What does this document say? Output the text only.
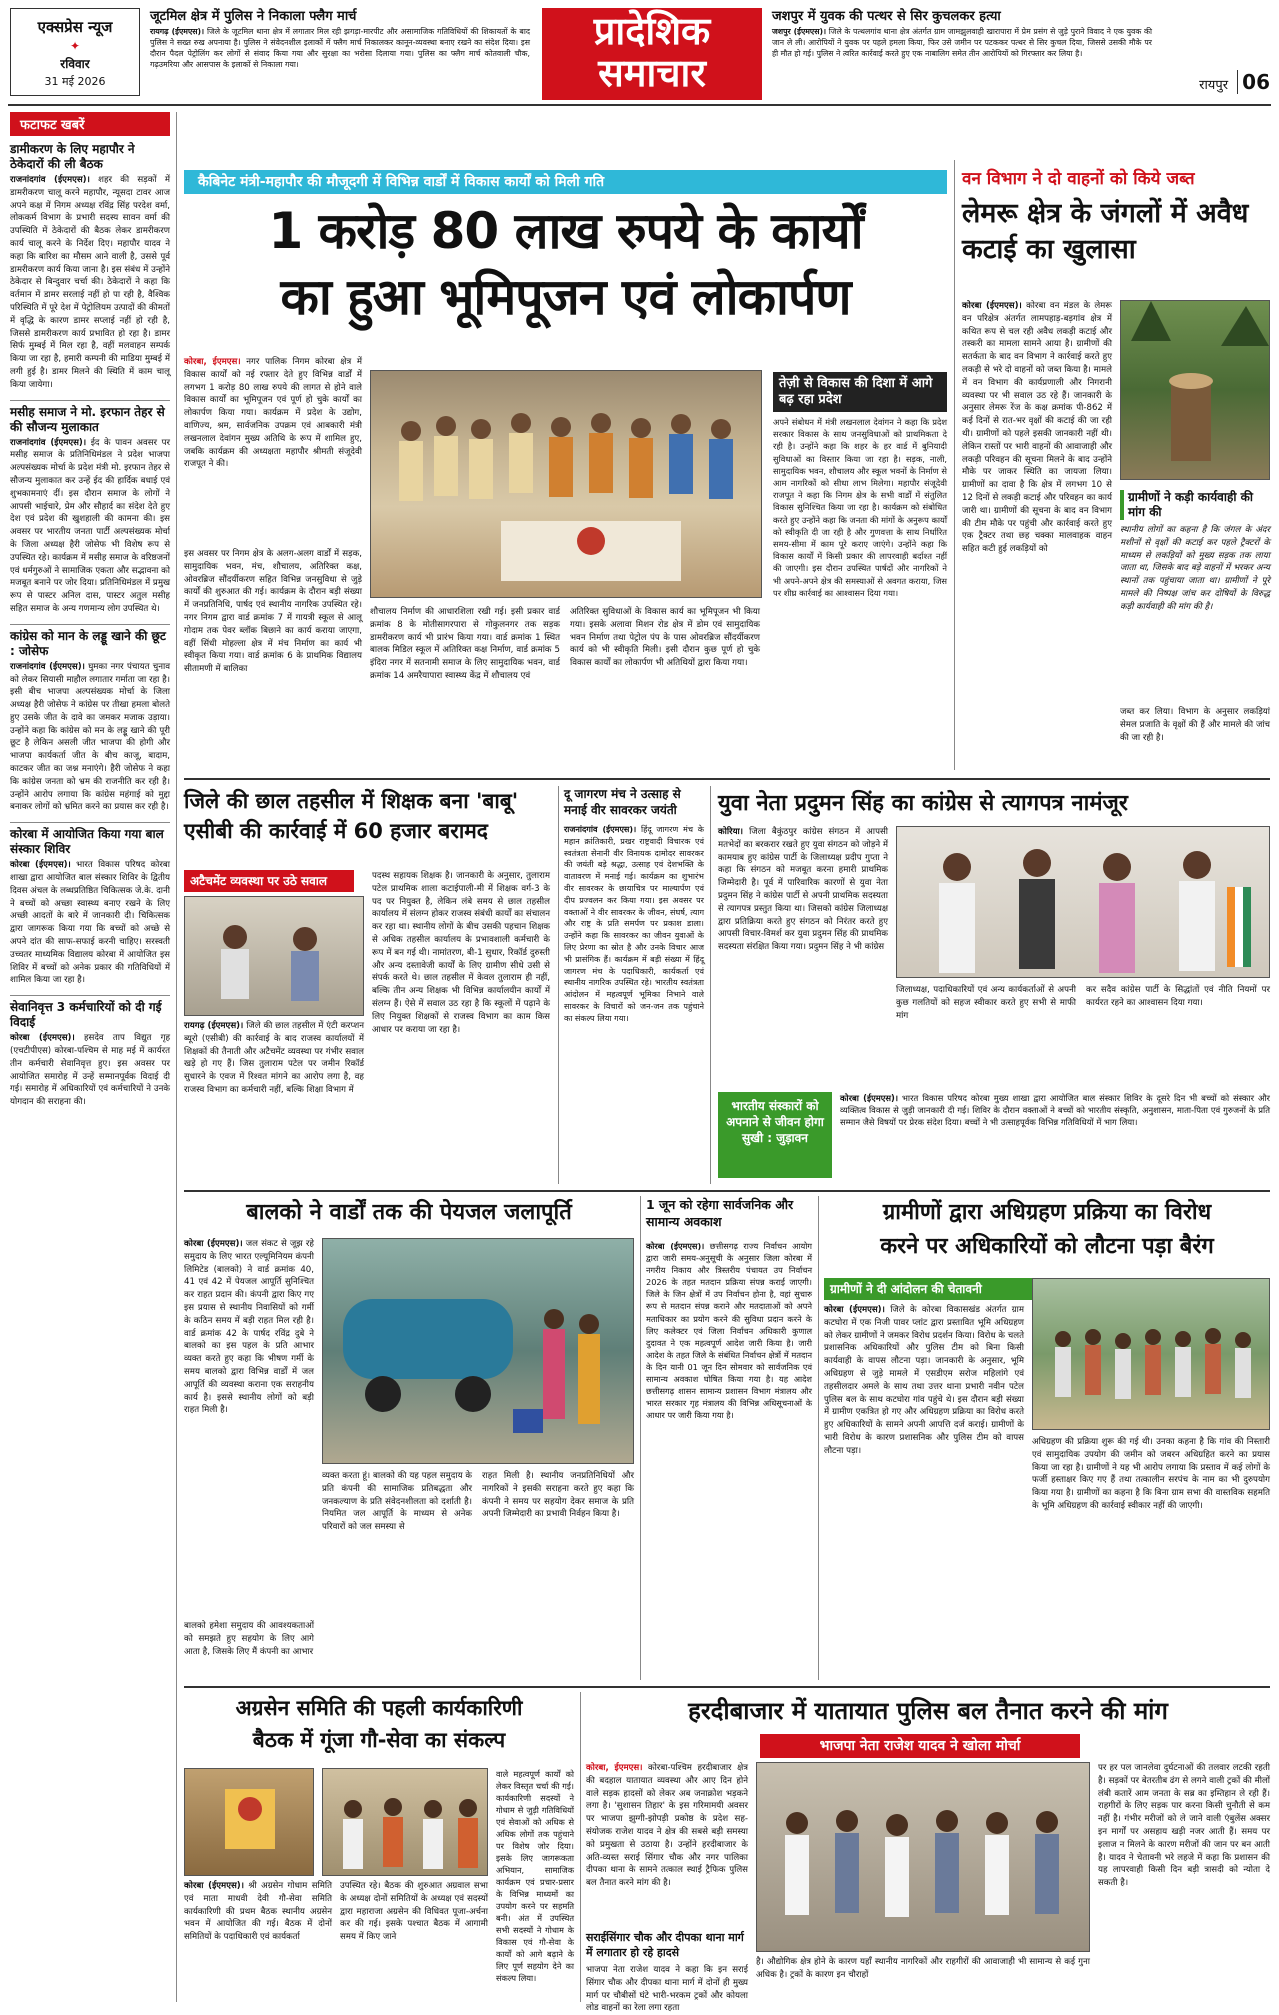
एक्सप्रेस न्यूज
✦
रविवार
31 मई 2026
जूटमिल क्षेत्र में पुलिस ने निकाला फ्लैग मार्च
रायगढ़ (ईएमएस)। जिले के जूटमिल थाना क्षेत्र में लगातार मिल रही झगड़ा-मारपीट और असामाजिक गतिविधियों की शिकायतों के बाद पुलिस ने सख्त रुख अपनाया है। पुलिस ने संवेदनशील इलाकों में फ्लैग मार्च निकालकर कानून-व्यवस्था बनाए रखने का संदेश दिया। इस दौरान पैदल पेट्रोलिंग कर लोगों से संवाद किया गया और सुरक्षा का भरोसा दिलाया गया। पुलिस का फ्लैग मार्च कोतवाली चौक, गढ़उमरिया और आसपास के इलाकों से निकाला गया।
प्रादेशिक
समाचार
जशपुर में युवक की पत्थर से सिर कुचलकर हत्या
जशपुर (ईएमएस)। जिले के पत्थलगांव थाना क्षेत्र अंतर्गत ग्राम जामझुलवाही खारापारा में प्रेम प्रसंग से जुड़े पुराने विवाद ने एक युवक की जान ले ली। आरोपियों ने युवक पर पहले हमला किया, फिर उसे जमीन पर पटककर पत्थर से सिर कुचल दिया, जिससे उसकी मौके पर ही मौत हो गई। पुलिस ने त्वरित कार्रवाई करते हुए एक नाबालिग समेत तीन आरोपियों को गिरफ्तार कर लिया है।
रायपुर 06
फटाफट खबरें
डामीकरण के लिए महापौर ने ठेकेदारों की ली बैठक
राजनांदगांव (ईएमएस)। शहर की सड़कों में डामरीकरण चालू करने महापौर, न्यूसदा टावर आज अपने कक्ष में निगम अध्यक्ष रविंद्र सिंह परदेश वर्मा, लोककर्म विभाग के प्रभारी सदस्य सावन वर्मा की उपस्थिति में ठेकेदारों की बैठक लेकर डामरीकरण कार्य चालू करने के निर्देश दिए। महापौर यादव ने कहा कि बारिश का मौसम आने वाली है, उससे पूर्व डामरीकरण कार्य किया जाना है। इस संबंध में उन्होंने ठेकेदार से बिन्दुवार चर्चा की। ठेकेदारों ने कहा कि वर्तमान में डामर सरलाई नहीं हो पा रही है, वैश्विक परिस्थिति में पूरे देश में पेट्रोलियम उत्पादों की कीमतों में वृद्धि के कारण डामर सप्लाई नहीं हो रही है, जिससे डामरीकरण कार्य प्रभावित हो रहा है। डामर सिर्फ मुम्बई में मिल रहा है, वहीं मलवाहन सम्पर्क किया जा रहा है, हमारी कम्पनी की माडिया मुम्बई में लगी हुई है। डामर मिलने की स्थिति में काम चालू किया जायेगा।
मसीह समाज ने मो. इरफान तेहर से की सौजन्य मुलाकात
राजनांदगांव (ईएमएस)। ईद के पावन अवसर पर मसीह समाज के प्रतिनिधिमंडल ने प्रदेश भाजपा अल्पसंख्यक मोर्चा के प्रदेश मंत्री मो. इरफान तेहर से सौजन्य मुलाकात कर उन्हें ईद की हार्दिक बधाई एवं शुभकामनाएं दीं। इस दौरान समाज के लोगों ने आपसी भाईचारे, प्रेम और सौहार्द का संदेश देते हुए देश एवं प्रदेश की खुशहाली की कामना की। इस अवसर पर भारतीय जनता पार्टी अल्पसंख्यक मोर्चा के जिला अध्यक्ष हैरी जोसेफ भी विशेष रूप से उपस्थित रहे। कार्यक्रम में मसीह समाज के वरिष्ठजनों एवं धर्मगुरुओं ने सामाजिक एकता और सद्भावना को मजबूत बनाने पर जोर दिया। प्रतिनिधिमंडल में प्रमुख रूप से पास्टर अनिल दास, पास्टर अतुल मसीह सहित समाज के अन्य गणमान्य लोग उपस्थित थे।
कांग्रेस को मान के लड्डू खाने की छूट : जोसेफ
राजनांदगांव (ईएमएस)। घुमका नगर पंचायत चुनाव को लेकर सियासी माहौल लगातार गर्माता जा रहा है। इसी बीच भाजपा अल्पसंख्यक मोर्चा के जिला अध्यक्ष हैरी जोसेफ ने कांग्रेस पर तीखा हमला बोलते हुए उसके जीत के दावे का जमकर मजाक उड़ाया। उन्होंने कहा कि कांग्रेस को मन के लड्डू खाने की पूरी छूट है लेकिन असली जीत भाजपा की होगी और भाजपा कार्यकर्ता जीत के बीच काजू, बादाम, काटकर जीत का जश्न मनाएंगे। हैरी जोसेफ ने कहा कि कांग्रेस जनता को भ्रम की राजनीति कर रही है। उन्होंने आरोप लगाया कि कांग्रेस महंगाई को मुद्दा बनाकर लोगों को भ्रमित करने का प्रयास कर रही है।
कोरबा में आयोजित किया गया बाल संस्कार शिविर
कोरबा (ईएमएस)। भारत विकास परिषद कोरबा शाखा द्वारा आयोजित बाल संस्कार शिविर के द्वितीय दिवस अंचल के लब्धप्रतिष्ठित चिकित्सक जे.के. दानी ने बच्चों को अच्छा स्वास्थ्य बनाए रखने के लिए अच्छी आदतों के बारे में जानकारी दी। चिकित्सक द्वारा जागरूक किया गया कि बच्चों को अच्छे से अपने दांत की साफ-सफाई करनी चाहिए। सरस्वती उच्चतर माध्यमिक विद्यालय कोरबा में आयोजित इस शिविर में बच्चों को अनेक प्रकार की गतिविधियों में शामिल किया जा रहा है।
सेवानिवृत्त 3 कर्मचारियों को दी गई विदाई
कोरबा (ईएमएस)। हसदेव ताप विद्युत गृह (एचटीपीएस) कोरबा-पश्चिम से माह मई में कार्यरत तीन कर्मचारी सेवानिवृत्त हुए। इस अवसर पर आयोजित समारोह में उन्हें सम्मानपूर्वक विदाई दी गई। समारोह में अधिकारियों एवं कर्मचारियों ने उनके योगदान की सराहना की।
कैबिनेट मंत्री-महापौर की मौजूदगी में विभिन्न वार्डों में विकास कार्यों को मिली गति
1 करोड़ 80 लाख रुपये के कार्यों
का हुआ भूमिपूजन एवं लोकार्पण
कोरबा, ईएमएस। नगर पालिक निगम कोरबा क्षेत्र में विकास कार्यों को नई रफ्तार देते हुए विभिन्न वार्डों में लगभग 1 करोड़ 80 लाख रुपये की लागत से होने वाले विकास कार्यों का भूमिपूजन एवं पूर्ण हो चुके कार्यों का लोकार्पण किया गया। कार्यक्रम में प्रदेश के उद्योग, वाणिज्य, श्रम, सार्वजनिक उपक्रम एवं आबकारी मंत्री लखनलाल देवांगन मुख्य अतिथि के रूप में शामिल हुए, जबकि कार्यक्रम की अध्यक्षता महापौर श्रीमती संजूदेवी राजपूत ने की।
इस अवसर पर निगम क्षेत्र के अलग-अलग वार्डों में सड़क, सामुदायिक भवन, मंच, शौचालय, अतिरिक्त कक्ष, ओवरब्रिज सौंदर्यीकरण सहित विभिन्न जनसुविधा से जुड़े कार्यों की शुरुआत की गई। कार्यक्रम के दौरान बड़ी संख्या में जनप्रतिनिधि, पार्षद एवं स्थानीय नागरिक उपस्थित रहे। नगर निगम द्वारा वार्ड क्रमांक 7 में गायत्री स्कूल से आलू गोदाम तक पेवर ब्लॉक बिछाने का कार्य कराया जाएगा, वहीं सिंधी मोहल्ला क्षेत्र में मंच निर्माण का कार्य भी स्वीकृत किया गया। वार्ड क्रमांक 6 के प्राथमिक विद्यालय सीतामणी में बालिका
शौचालय निर्माण की आधारशिला रखी गई। इसी प्रकार वार्ड क्रमांक 8 के मोतीसागरपारा से गोकुलनगर तक सड़क डामरीकरण कार्य भी प्रारंभ किया गया। वार्ड क्रमांक 1 स्थित बालक मिडिल स्कूल में अतिरिक्त कक्ष निर्माण, वार्ड क्रमांक 5 इंदिरा नगर में सतनामी समाज के लिए सामुदायिक भवन, वार्ड क्रमांक 14 अमरैयापारा स्वास्थ्य केंद्र में शौचालय एवं
अतिरिक्त सुविधाओं के विकास कार्य का भूमिपूजन भी किया गया। इसके अलावा मिशन रोड क्षेत्र में डोम एवं सामुदायिक भवन निर्माण तथा पेट्रोल पंप के पास ओवरब्रिज सौंदर्यीकरण कार्य को भी स्वीकृति मिली। इसी दौरान कुछ पूर्ण हो चुके विकास कार्यों का लोकार्पण भी अतिथियों द्वारा किया गया।
तेज़ी से विकास की दिशा में आगे बढ़ रहा प्रदेश
अपने संबोधन में मंत्री लखनलाल देवांगन ने कहा कि प्रदेश सरकार विकास के साथ जनसुविधाओं को प्राथमिकता दे रही है। उन्होंने कहा कि शहर के हर वार्ड में बुनियादी सुविधाओं का विस्तार किया जा रहा है। सड़क, नाली, सामुदायिक भवन, शौचालय और स्कूल भवनों के निर्माण से आम नागरिकों को सीधा लाभ मिलेगा। महापौर संजूदेवी राजपूत ने कहा कि निगम क्षेत्र के सभी वार्डों में संतुलित विकास सुनिश्चित किया जा रहा है। कार्यक्रम को संबोधित करते हुए उन्होंने कहा कि जनता की मांगों के अनुरूप कार्यों को स्वीकृति दी जा रही है और गुणवत्ता के साथ निर्धारित समय-सीमा में काम पूरे कराए जाएंगे। उन्होंने कहा कि विकास कार्यों में किसी प्रकार की लापरवाही बर्दाश्त नहीं की जाएगी। इस दौरान उपस्थित पार्षदों और नागरिकों ने भी अपने-अपने क्षेत्र की समस्याओं से अवगत कराया, जिस पर शीघ्र कार्रवाई का आश्वासन दिया गया।
वन विभाग ने दो वाहनों को किये जब्त
लेमरू क्षेत्र के जंगलों में अवैध कटाई का खुलासा
कोरबा (ईएमएस)। कोरबा वन मंडल के लेमरू वन परिक्षेत्र अंतर्गत लामपहाड़-बड़गांव क्षेत्र में कथित रूप से चल रही अवैध लकड़ी कटाई और तस्करी का मामला सामने आया है। ग्रामीणों की सतर्कता के बाद वन विभाग ने कार्रवाई करते हुए लकड़ी से भरे दो वाहनों को जब्त किया है। मामले में वन विभाग की कार्यप्रणाली और निगरानी व्यवस्था पर भी सवाल उठ रहे हैं। जानकारी के अनुसार लेमरू रेंज के कक्ष क्रमांक पी-862 में कई दिनों से रात-भर वृक्षों की कटाई की जा रही थी। ग्रामीणों को पहले इसकी जानकारी नहीं थी। लेकिन रास्तों पर भारी वाहनों की आवाजाही और लकड़ी परिवहन की सूचना मिलने के बाद उन्होंने मौके पर जाकर स्थिति का जायजा लिया। ग्रामीणों का दावा है कि क्षेत्र में लगभग 10 से 12 दिनों से लकड़ी कटाई और परिवहन का कार्य जारी था। ग्रामीणों की सूचना के बाद वन विभाग की टीम मौके पर पहुंची और कार्रवाई करते हुए एक ट्रैक्टर तथा छह चक्का मालवाहक वाहन सहित कटी हुई लकड़ियों को
ग्रामीणों ने कड़ी कार्यवाही की मांग की
स्थानीय लोगों का कहना है कि जंगल के अंदर मशीनों से वृक्षों की कटाई कर पहले ट्रैक्टरों के माध्यम से लकड़ियों को मुख्य सड़क तक लाया जाता था, जिसके बाद बड़े वाहनों में भरकर अन्य स्थानों तक पहुंचाया जाता था। ग्रामीणों ने पूरे मामले की निष्पक्ष जांच कर दोषियों के विरुद्ध कड़ी कार्यवाही की मांग की है।
जब्त कर लिया। विभाग के अनुसार लकड़ियां सेमल प्रजाति के वृक्षों की हैं और मामले की जांच की जा रही है।
जिले की छाल तहसील में शिक्षक बना 'बाबू'
एसीबी की कार्रवाई में 60 हजार बरामद
अटैचमेंट व्यवस्था पर उठे सवाल
रायगढ़ (ईएमएस)। जिले की छाल तहसील में एंटी करप्शन ब्यूरो (एसीबी) की कार्रवाई के बाद राजस्व कार्यालयों में शिक्षकों की तैनाती और अटैचमेंट व्यवस्था पर गंभीर सवाल खड़े हो गए हैं। जिस तुलाराम पटेल पर जमीन रिकॉर्ड सुधारने के एवज में रिश्वत मांगने का आरोप लगा है, वह राजस्व विभाग का कर्मचारी नहीं, बल्कि शिक्षा विभाग में
पदस्थ सहायक शिक्षक है। जानकारी के अनुसार, तुलाराम पटेल प्राथमिक शाला कटाईपाली-मी में शिक्षक वर्ग-3 के पद पर नियुक्त है, लेकिन लंबे समय से छाल तहसील कार्यालय में संलग्न होकर राजस्व संबंधी कार्यों का संचालन कर रहा था। स्थानीय लोगों के बीच उसकी पहचान शिक्षक से अधिक तहसील कार्यालय के प्रभावशाली कर्मचारी के रूप में बन गई थी। नामांतरण, बी-1 सुधार, रिकॉर्ड दुरुस्ती और अन्य दस्तावेजी कार्यों के लिए ग्रामीण सीधे उसी से संपर्क करते थे। छाल तहसील में केवल तुलाराम ही नहीं, बल्कि तीन अन्य शिक्षक भी विभिन्न कार्यालयीन कार्यों में संलग्न हैं। ऐसे में सवाल उठ रहा है कि स्कूलों में पढ़ाने के लिए नियुक्त शिक्षकों से राजस्व विभाग का काम किस आधार पर कराया जा रहा है।
दू जागरण मंच ने उत्साह से मनाई वीर सावरकर जयंती
राजनांदगांव (ईएमएस)। हिंदू जागरण मंच के महान क्रांतिकारी, प्रखर राष्ट्रवादी विचारक एवं स्वतंत्रता सेनानी वीर विनायक दामोदर सावरकर की जयंती बड़े श्रद्धा, उत्साह एवं देशभक्ति के वातावरण में मनाई गई। कार्यक्रम का शुभारंभ वीर सावरकर के छायाचित्र पर माल्यार्पण एवं दीप प्रज्वलन कर किया गया। इस अवसर पर वक्ताओं ने वीर सावरकर के जीवन, संघर्ष, त्याग और राष्ट्र के प्रति समर्पण पर प्रकाश डाला। उन्होंने कहा कि सावरकर का जीवन युवाओं के लिए प्रेरणा का स्रोत है और उनके विचार आज भी प्रासंगिक हैं। कार्यक्रम में बड़ी संख्या में हिंदू जागरण मंच के पदाधिकारी, कार्यकर्ता एवं स्थानीय नागरिक उपस्थित रहे। भारतीय स्वतंत्रता आंदोलन में महत्वपूर्ण भूमिका निभाने वाले सावरकर के विचारों को जन-जन तक पहुंचाने का संकल्प लिया गया।
युवा नेता प्रदुमन सिंह का कांग्रेस से त्यागपत्र नामंजूर
कोरिया। जिला बैकुंठपुर कांग्रेस संगठन में आपसी मतभेदों का बरकरार रखते हुए युवा संगठन को जोड़ने में कामयाब हुए कांग्रेस पार्टी के जिलाध्यक्ष प्रदीप गुप्ता ने कहा कि संगठन को मजबूत करना हमारी प्राथमिक जिम्मेदारी है। पूर्व में पारिवारिक कारणों से युवा नेता प्रदुमन सिंह ने कांग्रेस पार्टी से अपनी प्राथमिक सदस्यता से त्यागपत्र प्रस्तुत किया था। जिसको कांग्रेस जिलाध्यक्ष द्वारा प्रतिक्रिया करते हुए संगठन को निरंतर करते हुए आपसी विचार-विमर्श कर युवा प्रदुमन सिंह की प्राथमिक सदस्यता संरक्षित किया गया। प्रदुमन सिंह ने भी कांग्रेस
जिलाध्यक्ष, पदाधिकारियों एवं अन्य कार्यकर्ताओं से अपनी कुछ गलतियों को सहज स्वीकार करते हुए सभी से माफी मांग
कर सदैव कांग्रेस पार्टी के सिद्धांतों एवं नीति नियमों पर कार्यरत रहने का आश्वासन दिया गया।
भारतीय संस्कारों को अपनाने से जीवन होगा सुखी : जुड़ावन
कोरबा (ईएमएस)। भारत विकास परिषद कोरबा मुख्य शाखा द्वारा आयोजित बाल संस्कार शिविर के दूसरे दिन भी बच्चों को संस्कार और व्यक्तित्व विकास से जुड़ी जानकारी दी गई। शिविर के दौरान वक्ताओं ने बच्चों को भारतीय संस्कृति, अनुशासन, माता-पिता एवं गुरुजनों के प्रति सम्मान जैसे विषयों पर प्रेरक संदेश दिया। बच्चों ने भी उत्साहपूर्वक विभिन्न गतिविधियों में भाग लिया।
बालको ने वार्डों तक की पेयजल जलापूर्ति
कोरबा (ईएमएस)। जल संकट से जूझ रहे समुदाय के लिए भारत एल्यूमिनियम कंपनी लिमिटेड (बालको) ने वार्ड क्रमांक 40, 41 एवं 42 में पेयजल आपूर्ति सुनिश्चित कर राहत प्रदान की। कंपनी द्वारा किए गए इस प्रयास से स्थानीय निवासियों को गर्मी के कठिन समय में बड़ी राहत मिल रही है। वार्ड क्रमांक 42 के पार्षद रविंद्र दुबे ने बालको का इस पहल के प्रति आभार व्यक्त करते हुए कहा कि भीषण गर्मी के समय बालको द्वारा विभिन्न वार्डों में जल आपूर्ति की व्यवस्था कराना एक सराहनीय कार्य है। इससे स्थानीय लोगों को बड़ी राहत मिली है।
बालको हमेशा समुदाय की आवश्यकताओं को समझते हुए सहयोग के लिए आगे आता है, जिसके लिए मैं कंपनी का आभार
व्यक्त करता हूं। बालको की यह पहल समुदाय के प्रति कंपनी की सामाजिक प्रतिबद्धता और जनकल्याण के प्रति संवेदनशीलता को दर्शाती है। नियमित जल आपूर्ति के माध्यम से अनेक परिवारों को जल समस्या से
राहत मिली है। स्थानीय जनप्रतिनिधियों और नागरिकों ने इसकी सराहना करते हुए कहा कि कंपनी ने समय पर सहयोग देकर समाज के प्रति अपनी जिम्मेदारी का प्रभावी निर्वहन किया है।
1 जून को रहेगा सार्वजनिक और सामान्य अवकाश
कोरबा (ईएमएस)। छत्तीसगढ़ राज्य निर्वाचन आयोग द्वारा जारी समय-अनुसूची के अनुसार जिला कोरबा में नगरीय निकाय और त्रिस्तरीय पंचायत उप निर्वाचन 2026 के तहत मतदान प्रक्रिया संपन्न कराई जाएगी। जिले के जिन क्षेत्रों में उप निर्वाचन होना है, वहां सुचारु रूप से मतदान संपन्न कराने और मतदाताओं को अपने मताधिकार का प्रयोग करने की सुविधा प्रदान करने के लिए कलेक्टर एवं जिला निर्वाचन अधिकारी कुणाल दुदावत ने एक महत्वपूर्ण आदेश जारी किया है। जारी आदेश के तहत जिले के संबंधित निर्वाचन क्षेत्रों में मतदान के दिन यानी 01 जून दिन सोमवार को सार्वजनिक एवं सामान्य अवकाश घोषित किया गया है। यह आदेश छत्तीसगढ़ शासन सामान्य प्रशासन विभाग मंत्रालय और भारत सरकार गृह मंत्रालय की विभिन्न अधिसूचनाओं के आधार पर जारी किया गया है।
ग्रामीणों द्वारा अधिग्रहण प्रक्रिया का विरोध
करने पर अधिकारियों को लौटना पड़ा बैरंग
ग्रामीणों ने दी आंदोलन की चेतावनी
कोरबा (ईएमएस)। जिले के कोरबा विकासखंड अंतर्गत ग्राम कटघोरा में एक निजी पावर प्लांट द्वारा प्रस्तावित भूमि अधिग्रहण को लेकर ग्रामीणों ने जमकर विरोध प्रदर्शन किया। विरोध के चलते प्रशासनिक अधिकारियों और पुलिस टीम को बिना किसी कार्यवाही के वापस लौटना पड़ा। जानकारी के अनुसार, भूमि अधिग्रहण से जुड़े मामले में एसडीएम सरोज महिलांगे एवं तहसीलदार अमले के साथ तथा उत्तर थाना प्रभारी नवीन पटेल पुलिस बल के साथ कटघोरा गांव पहुंचे थे। इस दौरान बड़ी संख्या में ग्रामीण एकत्रित हो गए और अधिग्रहण प्रक्रिया का विरोध करते हुए अधिकारियों के सामने अपनी आपत्ति दर्ज कराई। ग्रामीणों के भारी विरोध के कारण प्रशासनिक और पुलिस टीम को वापस लौटना पड़ा।
अधिग्रहण की प्रक्रिया शुरू की गई थी। उनका कहना है कि गांव की निस्तारी एवं सामुदायिक उपयोग की जमीन को जबरन अधिग्रहित करने का प्रयास किया जा रहा है। ग्रामीणों ने यह भी आरोप लगाया कि प्रस्ताव में कई लोगों के फर्जी हस्ताक्षर किए गए हैं तथा तत्कालीन सरपंच के नाम का भी दुरुपयोग किया गया है। ग्रामीणों का कहना है कि बिना ग्राम सभा की वास्तविक सहमति के भूमि अधिग्रहण की कार्रवाई स्वीकार नहीं की जाएगी।
अग्रसेन समिति की पहली कार्यकारिणी
बैठक में गूंजा गौ-सेवा का संकल्प
कोरबा (ईएमएस)। श्री अग्रसेन गोधाम समिति एवं माता माधवी देवी गौ-सेवा समिति कार्यकारिणी की प्रथम बैठक स्थानीय अग्रसेन भवन में आयोजित की गई। बैठक में दोनों समितियों के पदाधिकारी एवं कार्यकर्ता
उपस्थित रहे। बैठक की शुरुआत अग्रवाल सभा के अध्यक्ष दोनों समितियों के अध्यक्ष एवं सदस्यों द्वारा महाराजा अग्रसेन की विधिवत पूजा-अर्चना कर की गई। इसके पश्चात बैठक में आगामी समय में किए जाने
वाले महत्वपूर्ण कार्यों को लेकर विस्तृत चर्चा की गई। कार्यकारिणी सदस्यों ने गोधाम से जुड़ी गतिविधियों एवं सेवाओं को अधिक से अधिक लोगों तक पहुंचाने पर विशेष जोर दिया। इसके लिए जागरूकता अभियान, सामाजिक कार्यक्रम एवं प्रचार-प्रसार के विभिन्न माध्यमों का उपयोग करने पर सहमति बनी। अंत में उपस्थित सभी सदस्यों ने गोधाम के विकास एवं गौ-सेवा के कार्यों को आगे बढ़ाने के लिए पूर्ण सहयोग देने का संकल्प लिया।
हरदीबाजार में यातायात पुलिस बल तैनात करने की मांग
भाजपा नेता राजेश यादव ने खोला मोर्चा
कोरबा, ईएमएस। कोरबा-पश्चिम हरदीबाजार क्षेत्र की बदहाल यातायात व्यवस्था और आए दिन होने वाले सड़क हादसों को लेकर अब जनाक्रोश भड़कने लगा है। 'सुशासन तिहार' के इस गरिमामयी अवसर पर भाजपा झुग्गी-झोपड़ी प्रकोष्ठ के प्रदेश सह-संयोजक राजेश यादव ने क्षेत्र की सबसे बड़ी समस्या को प्रमुखता से उठाया है। उन्होंने हरदीबाजार के अति-व्यस्त सराई सिंगार चौक और नगर पालिका दीपका थाना के सामने तत्काल स्थाई ट्रैफिक पुलिस बल तैनात करने मांग की है।
सराईसिंगार चौक और दीपका थाना मार्ग में लगातार हो रहे हादसे
भाजपा नेता राजेश यादव ने कहा कि इन सराई सिंगार चौक और दीपका थाना मार्ग में दोनों ही मुख्य मार्ग पर चौबीसों घंटे भारी-भरकम ट्रकों और कोयला लोड वाहनों का रेला लगा रहता
है। औद्योगिक क्षेत्र होने के कारण यहाँ स्थानीय नागरिकों और राहगीरों की आवाजाही भी सामान्य से कई गुना अधिक है। ट्रकों के कारण इन चौराहों
पर हर पल जानलेवा दुर्घटनाओं की तलवार लटकी रहती है। सड़कों पर बेतरतीब ढंग से लगने वाली ट्रकों की मीलों लंबी कतारें आम जनता के सब्र का इम्तिहान ले रही हैं। राहगीरों के लिए सड़क पार करना किसी चुनौती से कम नहीं है। गंभीर मरीजों को ले जाने वाली एंबुलेंस अक्सर इन मार्गों पर असहाय खड़ी नजर आती हैं। समय पर इलाज न मिलने के कारण मरीजों की जान पर बन आती है। यादव ने चेतावनी भरे लहजे में कहा कि प्रशासन की यह लापरवाही किसी दिन बड़ी त्रासदी को न्योता दे सकती है।
